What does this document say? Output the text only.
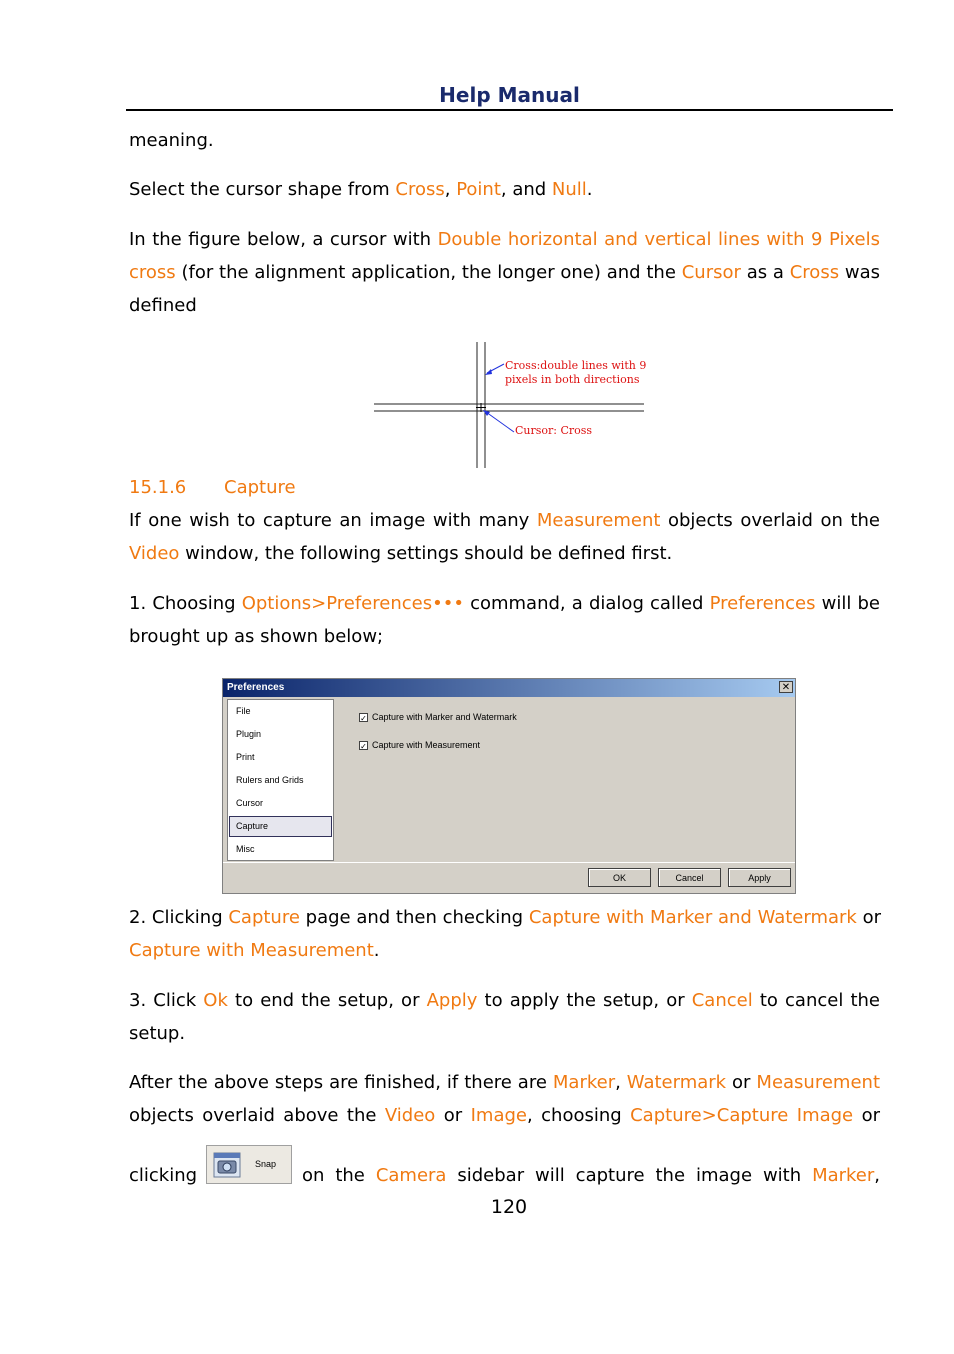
Help Manual
meaning.
Select the cursor shape from Cross, Point, and Null.
In the figure below, a cursor with Double horizontal and vertical lines with 9 Pixels
cross (for the alignment application, the longer one) and the Cursor as a Cross was
defined
Cross:double lines with 9
pixels in both directions
Cursor: Cross
15.1.6 Capture
If one wish to capture an image with many Measurement objects overlaid on the
Video window, the following settings should be defined first.
1. Choosing Options>Preferences••• command, a dialog called Preferences will be
brought up as shown below;
Preferences	✕
File
Plugin
Print
Rulers and Grids
Cursor
Capture
Misc
✓ Capture with Marker and Watermark
✓ Capture with Measurement
OK	Cancel	Apply
2. Clicking Capture page and then checking Capture with Marker and Watermark or
Capture with Measurement.
3. Click Ok to end the setup, or Apply to apply the setup, or Cancel to cancel the
setup.
After the above steps are finished, if there are Marker, Watermark or Measurement
objects overlaid above the Video or Image, choosing Capture>Capture Image or
clicking
Snap
on the Camera sidebar will capture the image with Marker,
120
